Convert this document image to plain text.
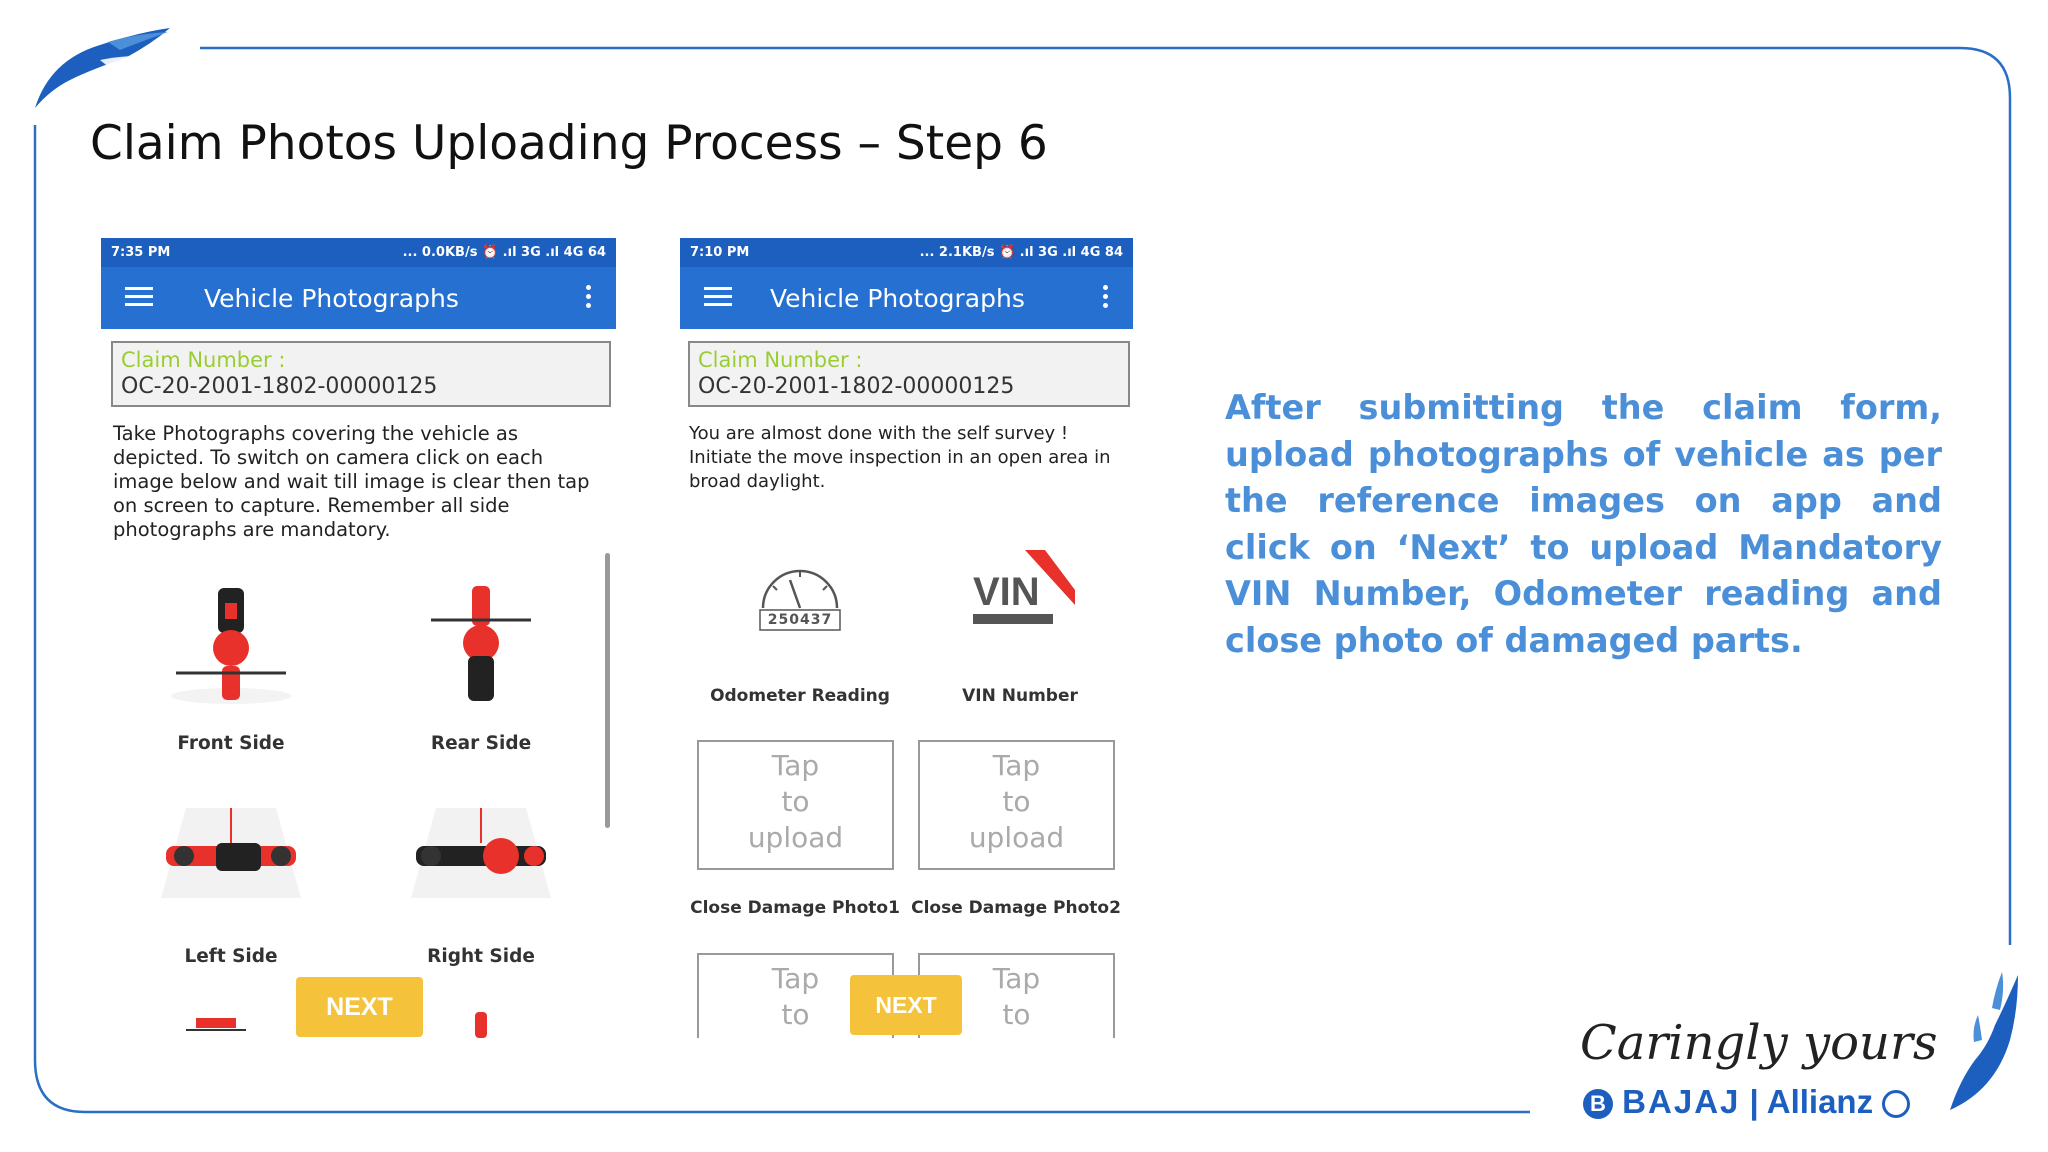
Claim Photos Uploading Process – Step 6
7:35 PM	... 0.0KB/s ⏰ .ıl 3G .ıl 4G 64
Vehicle Photographs
Claim Number :
OC-20-2001-1802-00000125
Take Photographs covering the vehicle as depicted. To switch on camera click on each image below and wait till image is clear then tap on screen to capture. Remember all side photographs are mandatory.
Front Side	Rear Side
Left Side	Right Side
NEXT
7:10 PM	... 2.1KB/s ⏰ .ıl 3G .ıl 4G 84
Vehicle Photographs
Claim Number :
OC-20-2001-1802-00000125
You are almost done with the self survey ! Initiate the move inspection in an open area in broad daylight.
250437
VIN
Odometer Reading	VIN Number
Tap
to
upload
Tap
to
upload
Close Damage Photo1 Close Damage Photo2
Tap
to
Tap
to
NEXT
After submitting the claim form, upload photographs of vehicle as per the reference images on app and click on ‘Next’ to upload Mandatory VIN Number, Odometer reading and close photo of damaged parts.
Caringly yours
B BAJAJ | Allianz
